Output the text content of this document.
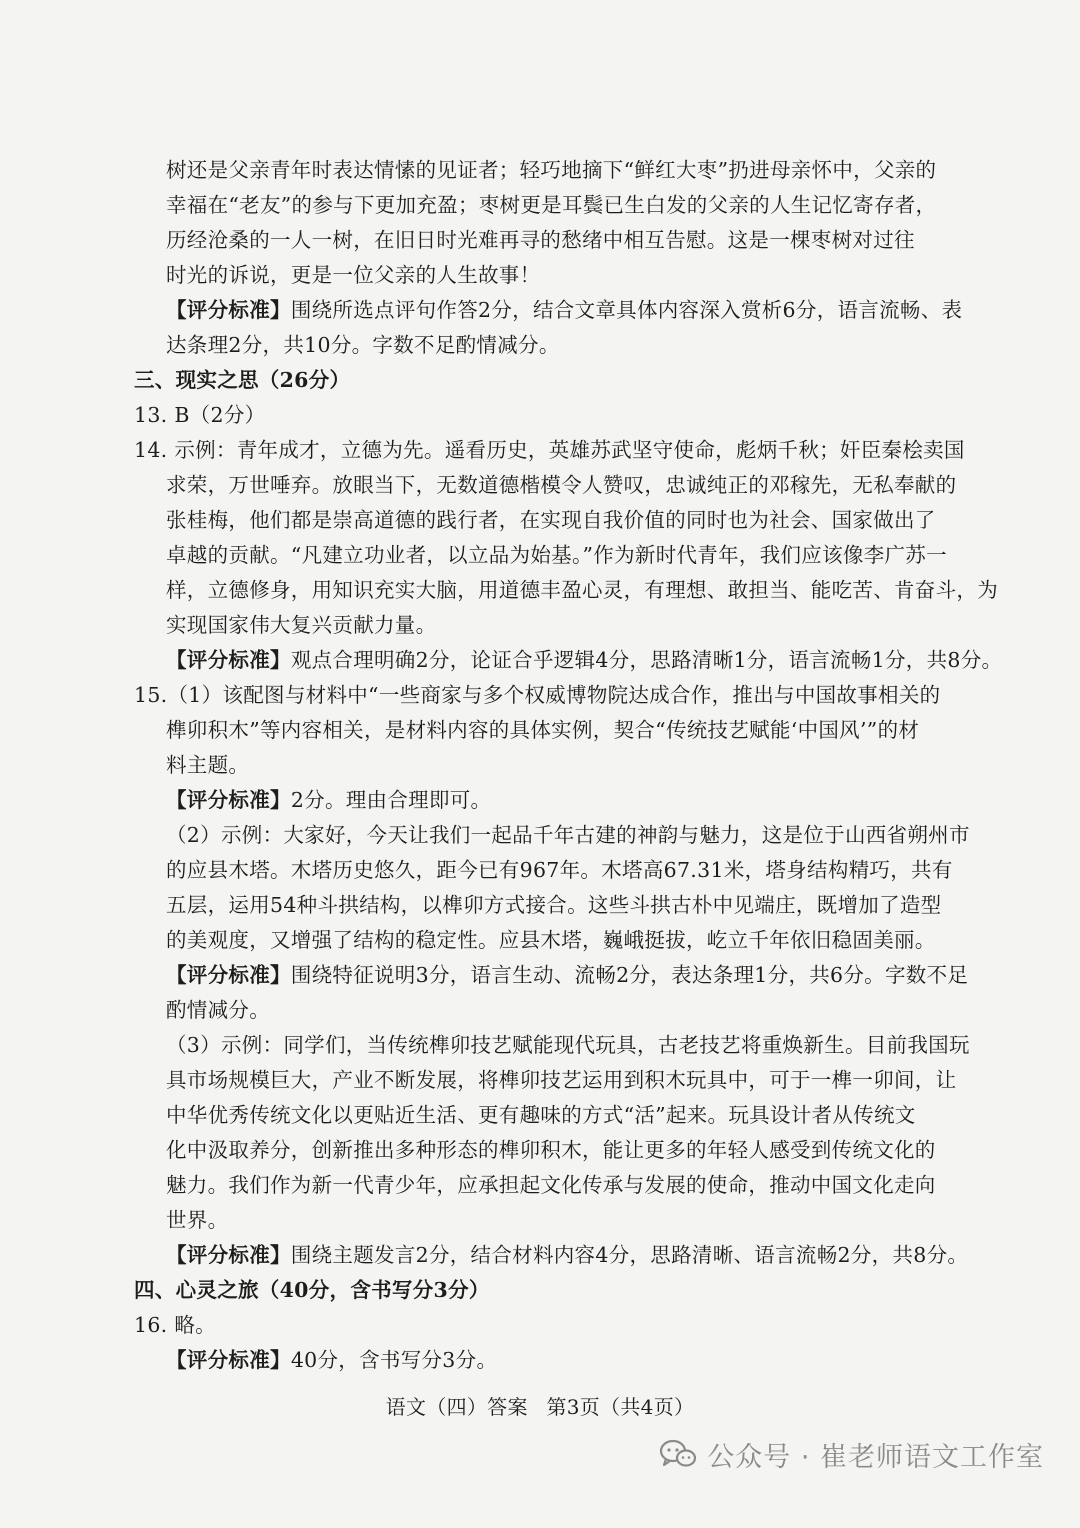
树还是父亲青年时表达情愫的见证者；轻巧地摘下“鲜红大枣”扔进母亲怀中，父亲的
幸福在“老友”的参与下更加充盈；枣树更是耳鬓已生白发的父亲的人生记忆寄存者，
历经沧桑的一人一树，在旧日时光难再寻的愁绪中相互告慰。这是一棵枣树对过往
时光的诉说，更是一位父亲的人生故事！
【评分标准】围绕所选点评句作答2分，结合文章具体内容深入赏析6分，语言流畅、表
达条理2分，共10分。字数不足酌情减分。
三、现实之思（26分）
13. B（2分）
14. 示例：青年成才，立德为先。遥看历史，英雄苏武坚守使命，彪炳千秋；奸臣秦桧卖国
求荣，万世唾弃。放眼当下，无数道德楷模令人赞叹，忠诚纯正的邓稼先，无私奉献的
张桂梅，他们都是崇高道德的践行者，在实现自我价值的同时也为社会、国家做出了
卓越的贡献。“凡建立功业者，以立品为始基。”作为新时代青年，我们应该像李广苏一
样，立德修身，用知识充实大脑，用道德丰盈心灵，有理想、敢担当、能吃苦、肯奋斗，为
实现国家伟大复兴贡献力量。
【评分标准】观点合理明确2分，论证合乎逻辑4分，思路清晰1分，语言流畅1分，共8分。
15.（1）该配图与材料中“一些商家与多个权威博物院达成合作，推出与中国故事相关的
榫卯积木”等内容相关，是材料内容的具体实例，契合“传统技艺赋能‘中国风’”的材
料主题。
【评分标准】2分。理由合理即可。
（2）示例：大家好，今天让我们一起品千年古建的神韵与魅力，这是位于山西省朔州市
的应县木塔。木塔历史悠久，距今已有967年。木塔高67.31米，塔身结构精巧，共有
五层，运用54种斗拱结构，以榫卯方式接合。这些斗拱古朴中见端庄，既增加了造型
的美观度，又增强了结构的稳定性。应县木塔，巍峨挺拔，屹立千年依旧稳固美丽。
【评分标准】围绕特征说明3分，语言生动、流畅2分，表达条理1分，共6分。字数不足
酌情减分。
（3）示例：同学们，当传统榫卯技艺赋能现代玩具，古老技艺将重焕新生。目前我国玩
具市场规模巨大，产业不断发展，将榫卯技艺运用到积木玩具中，可于一榫一卯间，让
中华优秀传统文化以更贴近生活、更有趣味的方式“活”起来。玩具设计者从传统文
化中汲取养分，创新推出多种形态的榫卯积木，能让更多的年轻人感受到传统文化的
魅力。我们作为新一代青少年，应承担起文化传承与发展的使命，推动中国文化走向
世界。
【评分标准】围绕主题发言2分，结合材料内容4分，思路清晰、语言流畅2分，共8分。
四、心灵之旅（40分，含书写分3分）
16. 略。
【评分标准】40分，含书写分3分。
语文（四）答案 第3页（共4页）
公众号 · 崔老师语文工作室
